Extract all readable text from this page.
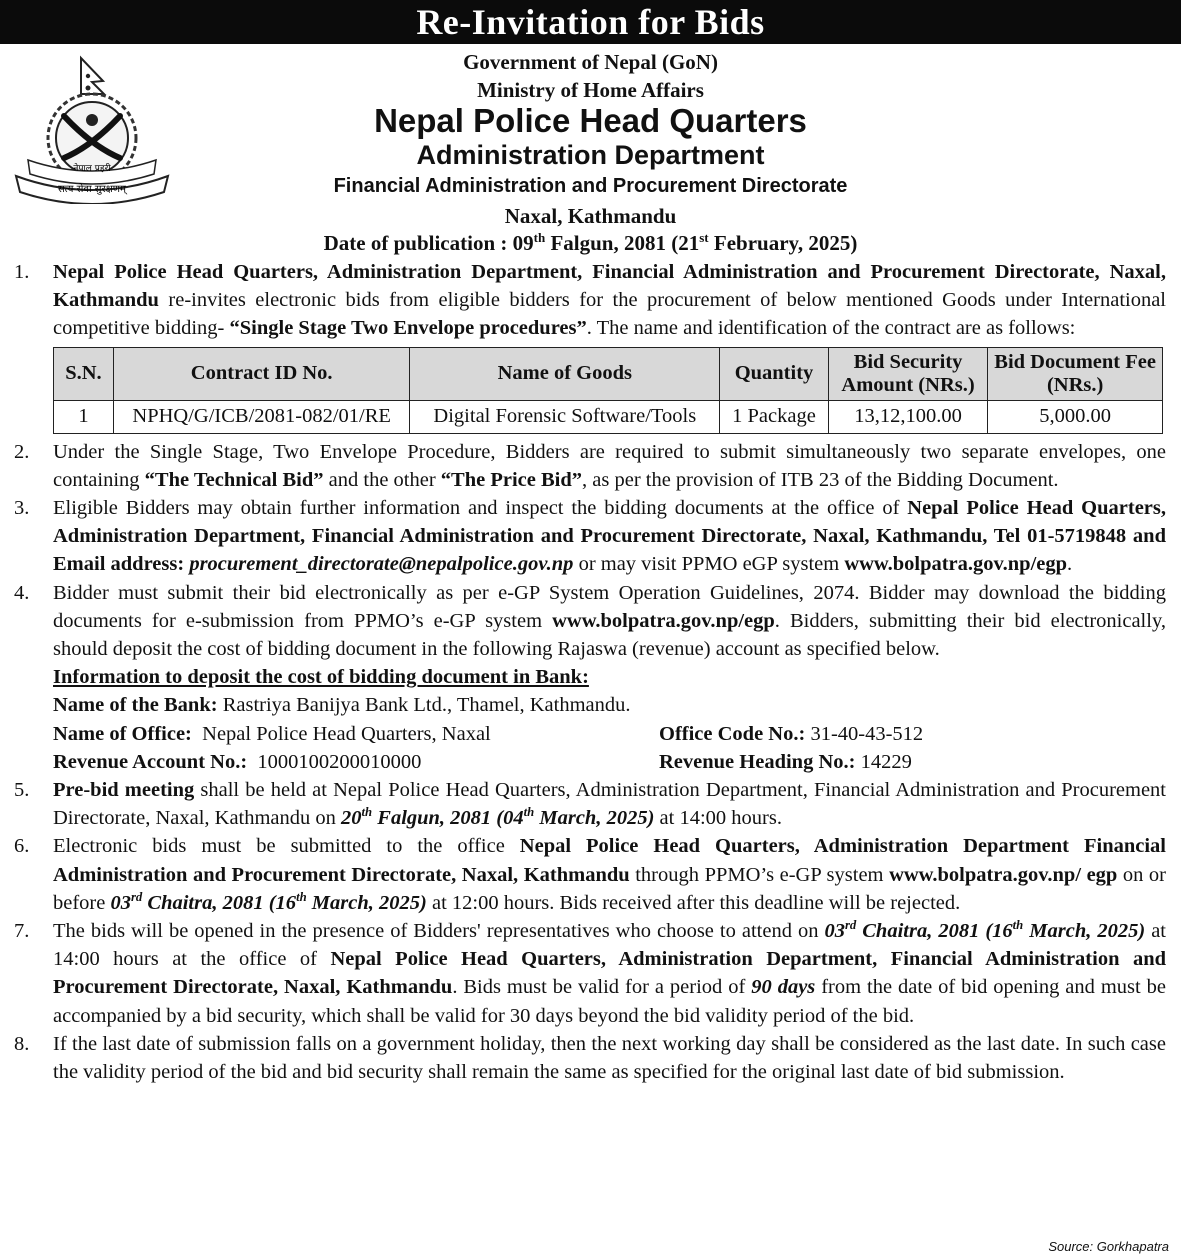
Re-Invitation for Bids
नेपाल प्रहरी
सत्य सेवा सुरक्षणम्
Government of Nepal (GoN)
Ministry of Home Affairs
Nepal Police Head Quarters
Administration Department
Financial Administration and Procurement Directorate
Naxal, Kathmandu
Date of publication : 09th Falgun, 2081 (21st February, 2025)
1. Nepal Police Head Quarters, Administration Department, Financial Administration and Procurement Directorate, Naxal, Kathmandu re-invites electronic bids from eligible bidders for the procurement of below mentioned Goods under International competitive bidding- “Single Stage Two Envelope procedures”. The name and identification of the contract are as follows:
S.N.	Contract ID No.	Name of Goods	Quantity	Bid Security Amount (NRs.)	Bid Document Fee (NRs.)
1	NPHQ/G/ICB/2081-082/01/RE	Digital Forensic Software/Tools	1 Package	13,12,100.00	5,000.00
2. Under the Single Stage, Two Envelope Procedure, Bidders are required to submit simultaneously two separate envelopes, one containing “The Technical Bid” and the other “The Price Bid”, as per the provision of ITB 23 of the Bidding Document.
3. Eligible Bidders may obtain further information and inspect the bidding documents at the office of Nepal Police Head Quarters, Administration Department, Financial Administration and Procurement Directorate, Naxal, Kathmandu, Tel 01-5719848 and Email address: procurement_directorate@nepalpolice.gov.np or may visit PPMO eGP system www.bolpatra.gov.np/egp.
4. Bidder must submit their bid electronically as per e-GP System Operation Guidelines, 2074. Bidder may download the bidding documents for e-submission from PPMO’s e-GP system www.bolpatra.gov.np/egp. Bidders, submitting their bid electronically, should deposit the cost of bidding document in the following Rajaswa (revenue) account as specified below.
Information to deposit the cost of bidding document in Bank:
Name of the Bank: Rastriya Banijya Bank Ltd., Thamel, Kathmandu.
Name of Office:  Nepal Police Head Quarters, Naxal	Office Code No.: 31-40-43-512
Revenue Account No.:  1000100200010000	Revenue Heading No.: 14229
5. Pre-bid meeting shall be held at Nepal Police Head Quarters, Administration Department, Financial Administration and Procurement Directorate, Naxal, Kathmandu on 20th Falgun, 2081 (04th March, 2025) at 14:00 hours.
6. Electronic bids must be submitted to the office Nepal Police Head Quarters, Administration Department Financial Administration and Procurement Directorate, Naxal, Kathmandu through PPMO’s e-GP system www.bolpatra.gov.np/ egp on or before 03rd Chaitra, 2081 (16th March, 2025) at 12:00 hours. Bids received after this deadline will be rejected.
7. The bids will be opened in the presence of Bidders' representatives who choose to attend on 03rd Chaitra, 2081 (16th March, 2025) at 14:00 hours at the office of Nepal Police Head Quarters, Administration Department, Financial Administration and Procurement Directorate, Naxal, Kathmandu. Bids must be valid for a period of 90 days from the date of bid opening and must be accompanied by a bid security, which shall be valid for 30 days beyond the bid validity period of the bid.
8. If the last date of submission falls on a government holiday, then the next working day shall be considered as the last date. In such case the validity period of the bid and bid security shall remain the same as specified for the original last date of bid submission.
Source: Gorkhapatra
